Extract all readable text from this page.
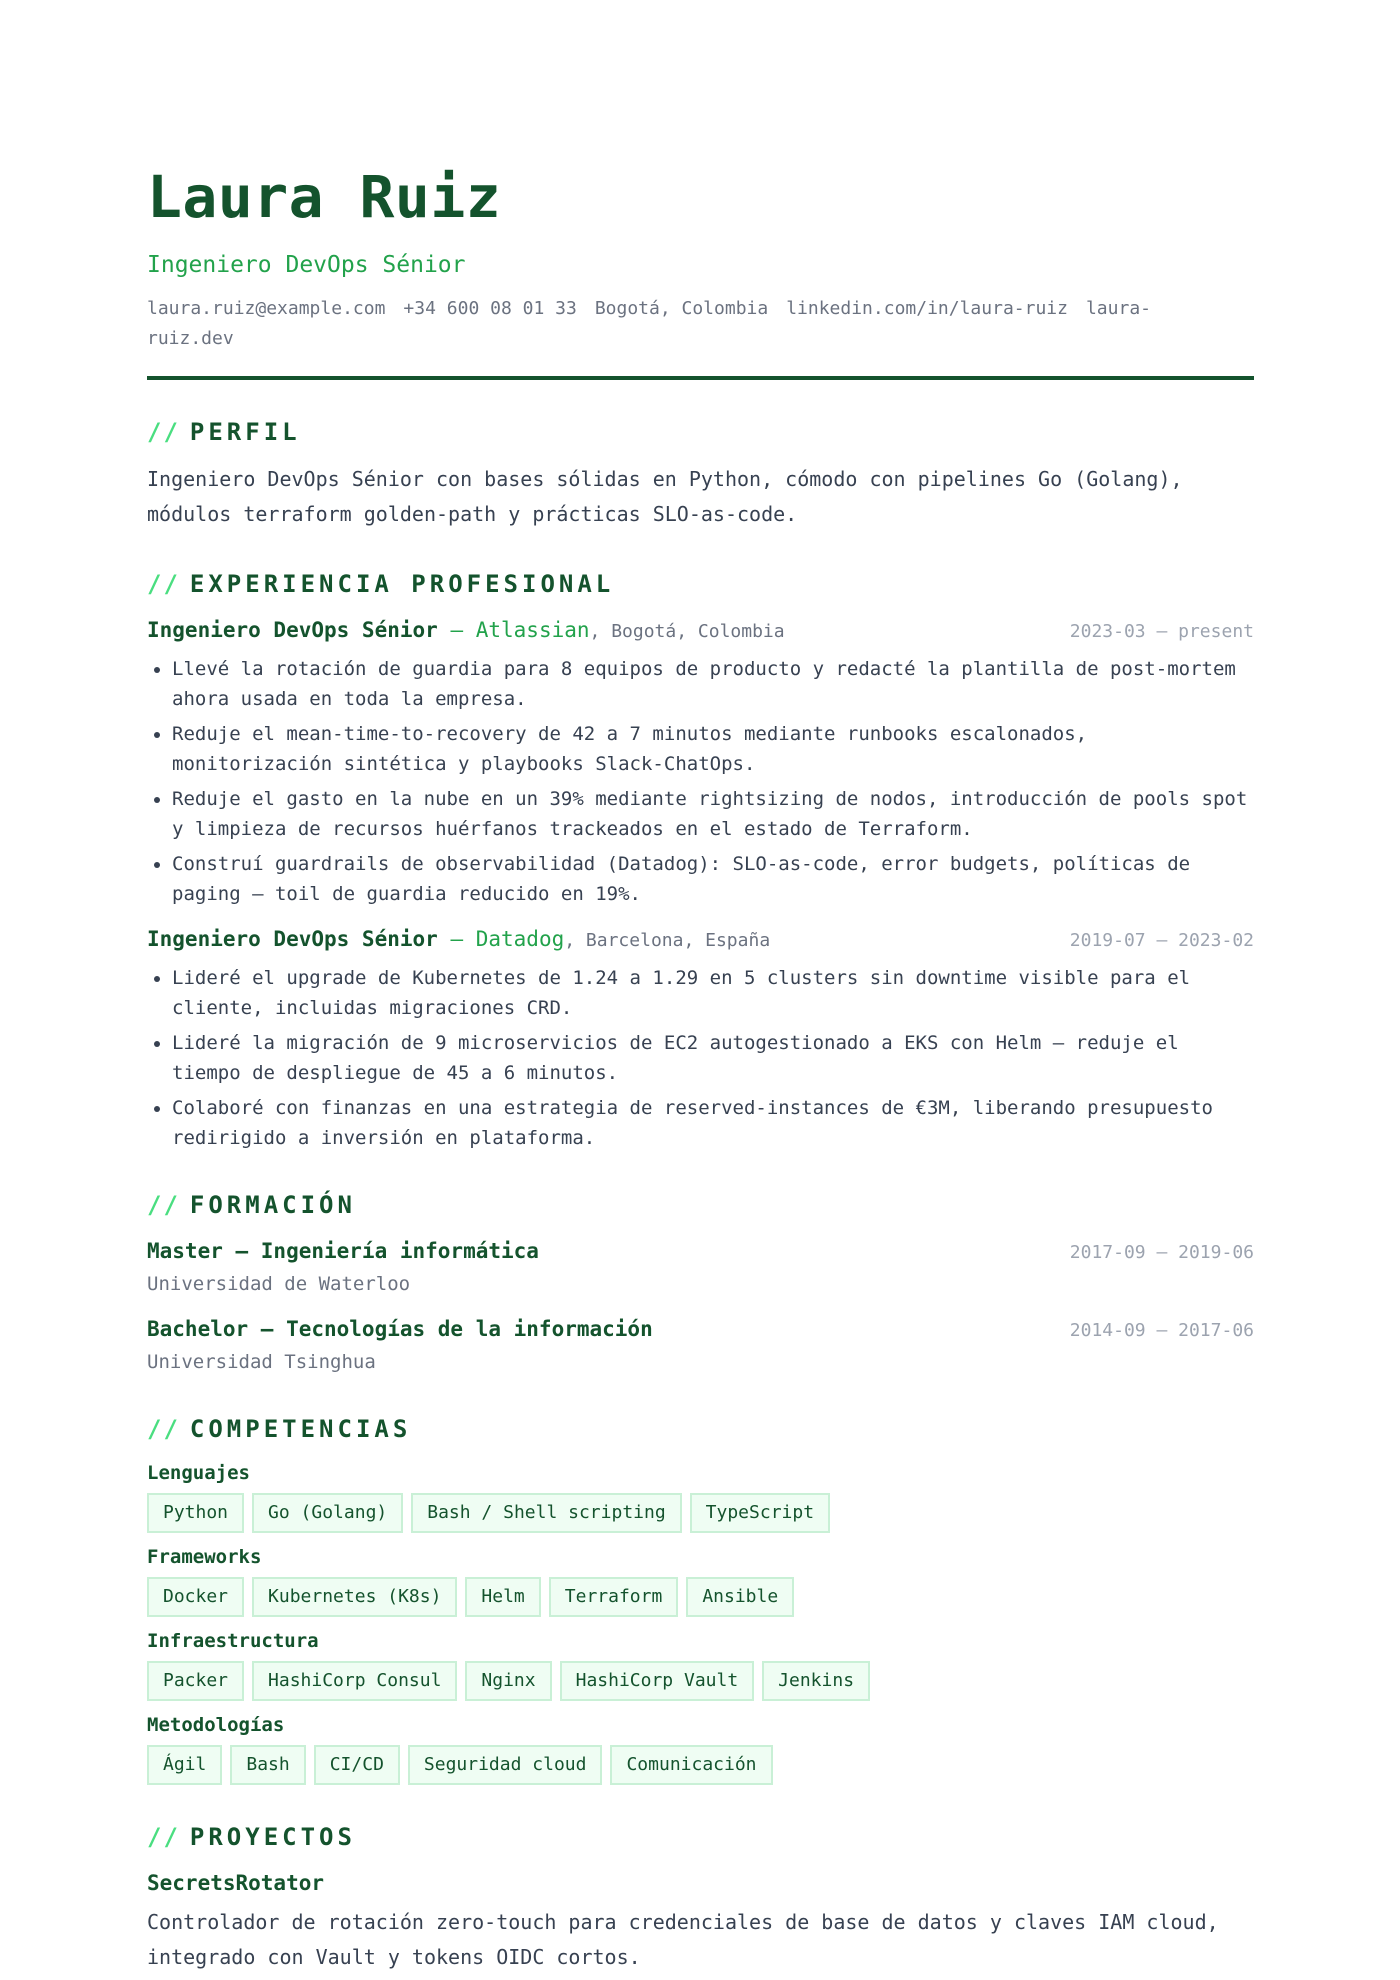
Laura Ruiz
Ingeniero DevOps Sénior
laura.ruiz@example.com +34 600 08 01 33 Bogotá, Colombia linkedin.com/in/laura-ruiz laura-ruiz.dev
// PERFIL
Ingeniero DevOps Sénior con bases sólidas en Python, cómodo con pipelines Go (Golang), módulos terraform golden-path y prácticas SLO-as-code.
// EXPERIENCIA PROFESIONAL
Ingeniero DevOps Sénior — Atlassian, Bogotá, Colombia	2023-03 – present
• Llevé la rotación de guardia para 8 equipos de producto y redacté la plantilla de post-mortem ahora usada en toda la empresa.
• Reduje el mean-time-to-recovery de 42 a 7 minutos mediante runbooks escalonados, monitorización sintética y playbooks Slack-ChatOps.
• Reduje el gasto en la nube en un 39% mediante rightsizing de nodos, introducción de pools spot y limpieza de recursos huérfanos trackeados en el estado de Terraform.
• Construí guardrails de observabilidad (Datadog): SLO-as-code, error budgets, políticas de paging — toil de guardia reducido en 19%.
Ingeniero DevOps Sénior — Datadog, Barcelona, España	2019-07 – 2023-02
• Lideré el upgrade de Kubernetes de 1.24 a 1.29 en 5 clusters sin downtime visible para el cliente, incluidas migraciones CRD.
• Lideré la migración de 9 microservicios de EC2 autogestionado a EKS con Helm — reduje el tiempo de despliegue de 45 a 6 minutos.
• Colaboré con finanzas en una estrategia de reserved-instances de €3M, liberando presupuesto redirigido a inversión en plataforma.
// FORMACIÓN
Master — Ingeniería informática	2017-09 – 2019-06
Universidad de Waterloo
Bachelor — Tecnologías de la información	2014-09 – 2017-06
Universidad Tsinghua
// COMPETENCIAS
Lenguajes
Python	Go (Golang)	Bash / Shell scripting	TypeScript
Frameworks
Docker	Kubernetes (K8s)	Helm	Terraform	Ansible
Infraestructura
Packer	HashiCorp Consul	Nginx	HashiCorp Vault	Jenkins
Metodologías
Ágil	Bash	CI/CD	Seguridad cloud	Comunicación
// PROYECTOS
SecretsRotator
Controlador de rotación zero-touch para credenciales de base de datos y claves IAM cloud, integrado con Vault y tokens OIDC cortos.
